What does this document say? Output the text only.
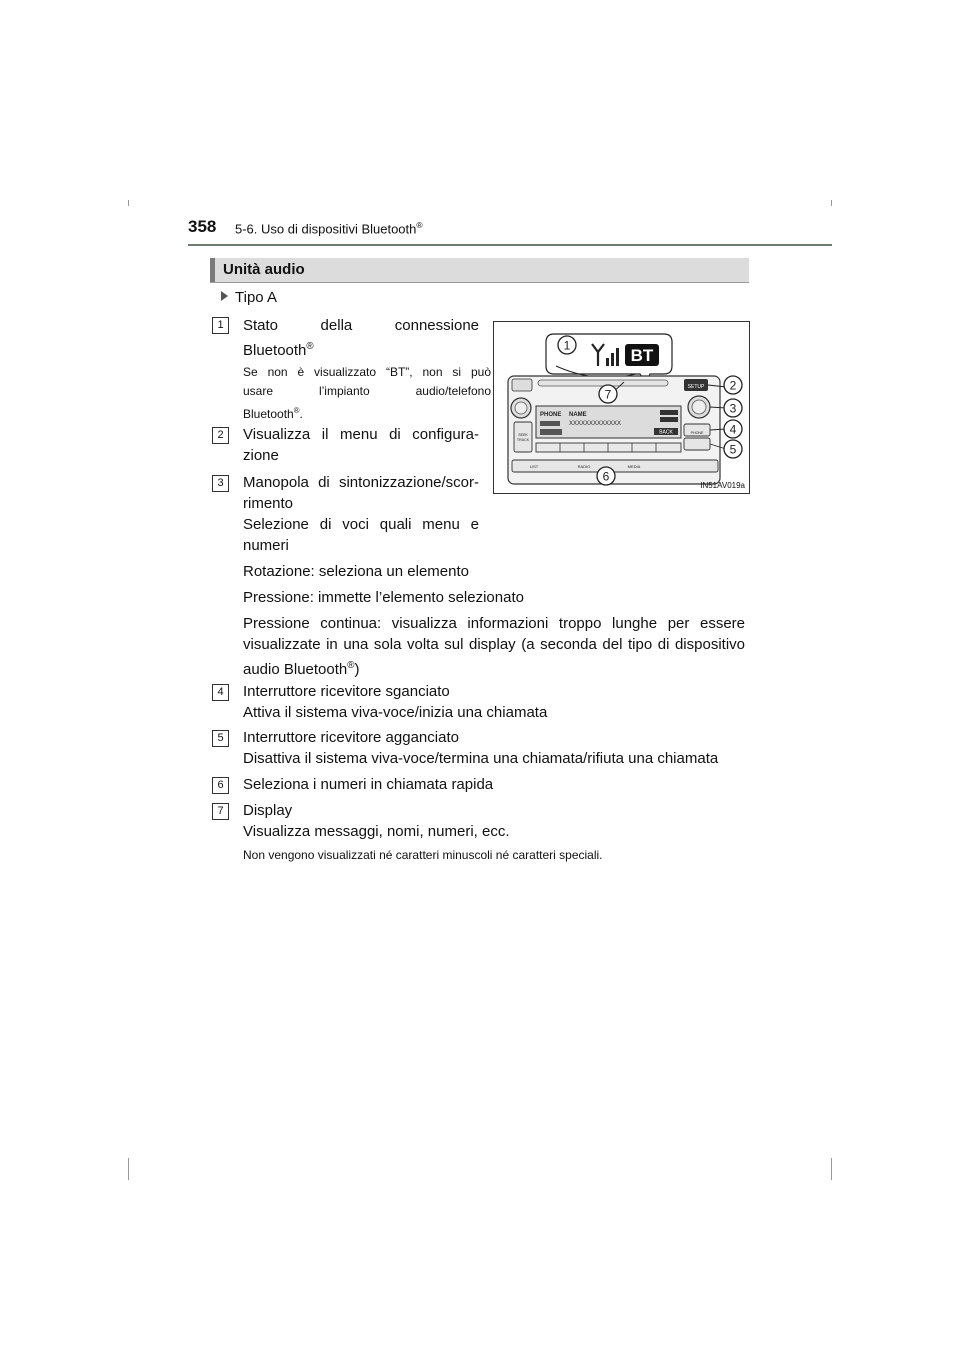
358 5-6. Uso di dispositivi Bluetooth®
Unità audio
Tipo A
BT
SETUP
PHONE NAME
XXXXXXXXXXXXX
BACK
SEEK
TRACK
PHONE
LIST	RADIO	MEDIA
1
7
2
3
4
5
6
IN51AV019a
1	Stato della connessione
Bluetooth®
Se non è visualizzato “BT”, non si può
usare l’impianto audio/telefono
Bluetooth®.
2	Visualizza il menu di configura-
zione
3	Manopola di sintonizzazione/scor-
rimento
Selezione di voci quali menu e
numeri
Rotazione: seleziona un elemento
Pressione: immette l’elemento selezionato
Pressione continua: visualizza informazioni troppo lunghe per essere
visualizzate in una sola volta sul display (a seconda del tipo di dispositivo
audio Bluetooth®)
4	Interruttore ricevitore sganciato
Attiva il sistema viva-voce/inizia una chiamata
5	Interruttore ricevitore agganciato
Disattiva il sistema viva-voce/termina una chiamata/rifiuta una chiamata
6	Seleziona i numeri in chiamata rapida
7	Display
Visualizza messaggi, nomi, numeri, ecc.
Non vengono visualizzati né caratteri minuscoli né caratteri speciali.
